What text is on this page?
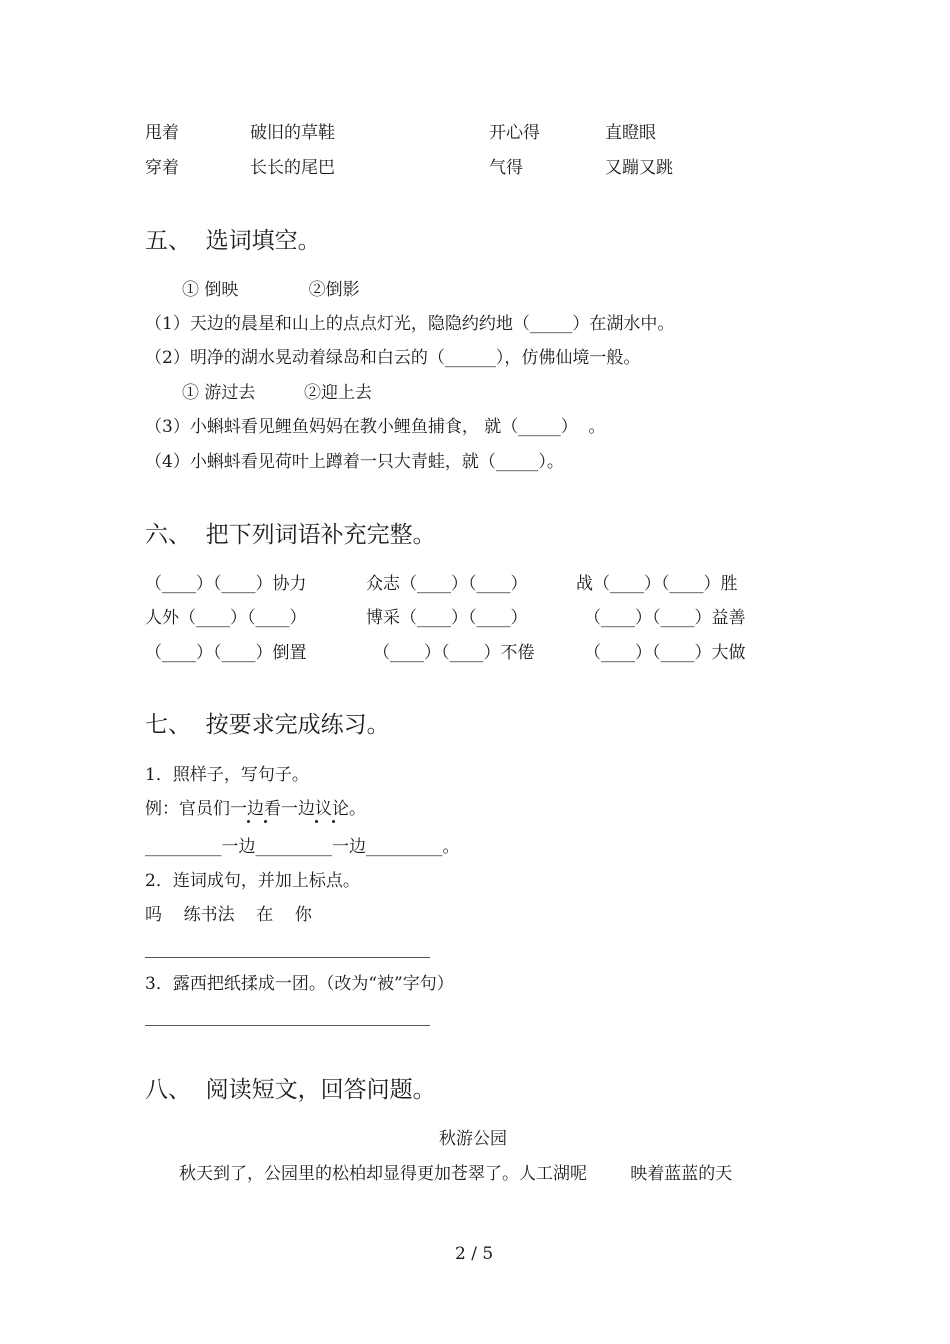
甩着	破旧的草鞋	开心得	直瞪眼
穿着	长长的尾巴	气得	又蹦又跳
五、  选词填空。
① 倒映             ②倒影
（1）天边的晨星和山上的点点灯光，隐隐约约地（_____）在湖水中。
（2）明净的湖水晃动着绿岛和白云的（______），仿佛仙境一般。
① 游过去         ②迎上去
（3）小蝌蚪看见鲤鱼妈妈在教小鲤鱼捕食， 就（_____）  。
（4）小蝌蚪看见荷叶上蹲着一只大青蛙，就（_____）。
六、  把下列词语补充完整。
（____）（____）协力	众志（____）（____）	战（____）（____）胜
人外（____）（____）	博采（____）（____）	（____）（____）益善
（____）（____）倒置	（____）（____）不倦	（____）（____）大做
七、  按要求完成练习。
1．照样子，写句子。
例：官员们一边看一边议论。
_________一边_________一边_________。
2．连词成句，并加上标点。
吗    练书法    在    你
3．露西把纸揉成一团。（改为“被”字句）
八、  阅读短文，回答问题。
秋游公园
秋天到了，公园里的松柏却显得更加苍翠了。人工湖呢        映着蓝蓝的天
2 / 5
